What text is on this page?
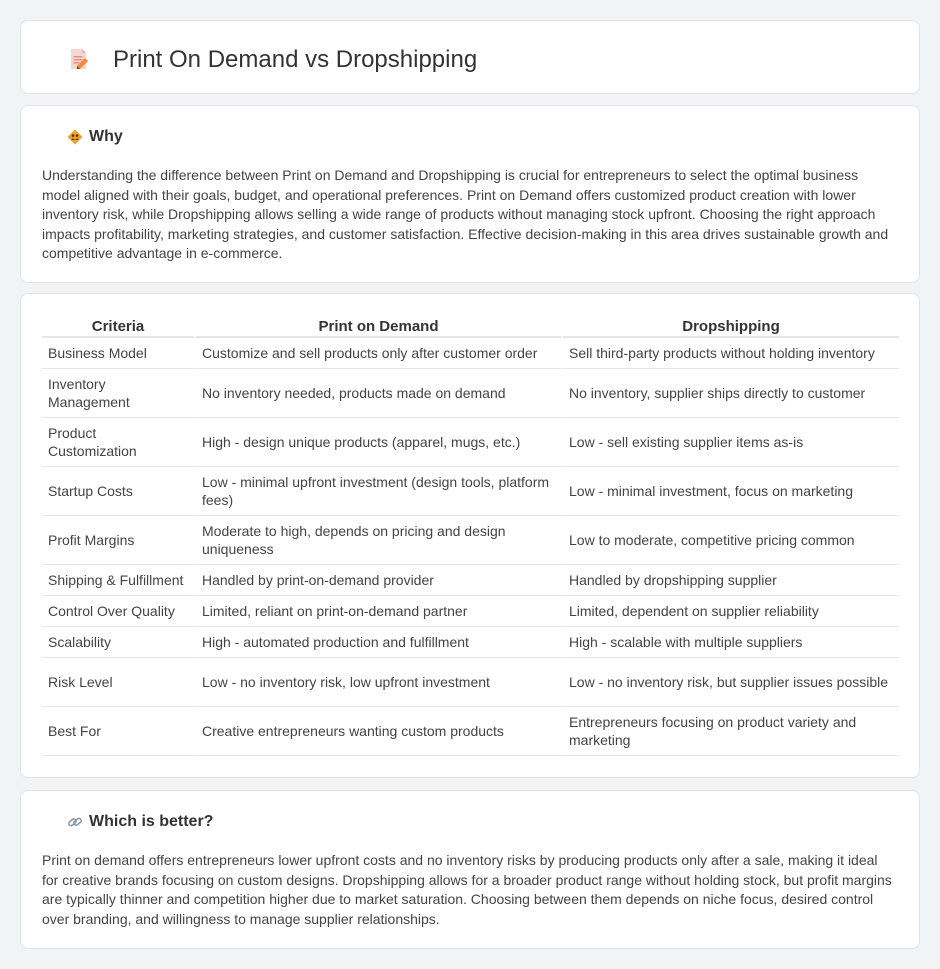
Print On Demand vs Dropshipping
Why

Understanding the difference between Print on Demand and Dropshipping is crucial for entrepreneurs to select the optimal business model aligned with their goals, budget, and operational preferences. Print on Demand offers customized product creation with lower inventory risk, while Dropshipping allows selling a wide range of products without managing stock upfront. Choosing the right approach impacts profitability, marketing strategies, and customer satisfaction. Effective decision-making in this area drives sustainable growth and competitive advantage in e-commerce.

Criteria	Print on Demand	Dropshipping
Business Model	Customize and sell products only after customer order	Sell third-party products without holding inventory
Inventory Management	No inventory needed, products made on demand	No inventory, supplier ships directly to customer
Product Customization	High - design unique products (apparel, mugs, etc.)	Low - sell existing supplier items as-is
Startup Costs	Low - minimal upfront investment (design tools, platform fees)	Low - minimal investment, focus on marketing
Profit Margins	Moderate to high, depends on pricing and design uniqueness	Low to moderate, competitive pricing common
Shipping & Fulfillment	Handled by print-on-demand provider	Handled by dropshipping supplier
Control Over Quality	Limited, reliant on print-on-demand partner	Limited, dependent on supplier reliability
Scalability	High - automated production and fulfillment	High - scalable with multiple suppliers
Risk Level	Low - no inventory risk, low upfront investment	Low - no inventory risk, but supplier issues possible
Best For	Creative entrepreneurs wanting custom products	Entrepreneurs focusing on product variety and marketing
Which is better?

Print on demand offers entrepreneurs lower upfront costs and no inventory risks by producing products only after a sale, making it ideal for creative brands focusing on custom designs. Dropshipping allows for a broader product range without holding stock, but profit margins are typically thinner and competition higher due to market saturation. Choosing between them depends on niche focus, desired control over branding, and willingness to manage supplier relationships.
